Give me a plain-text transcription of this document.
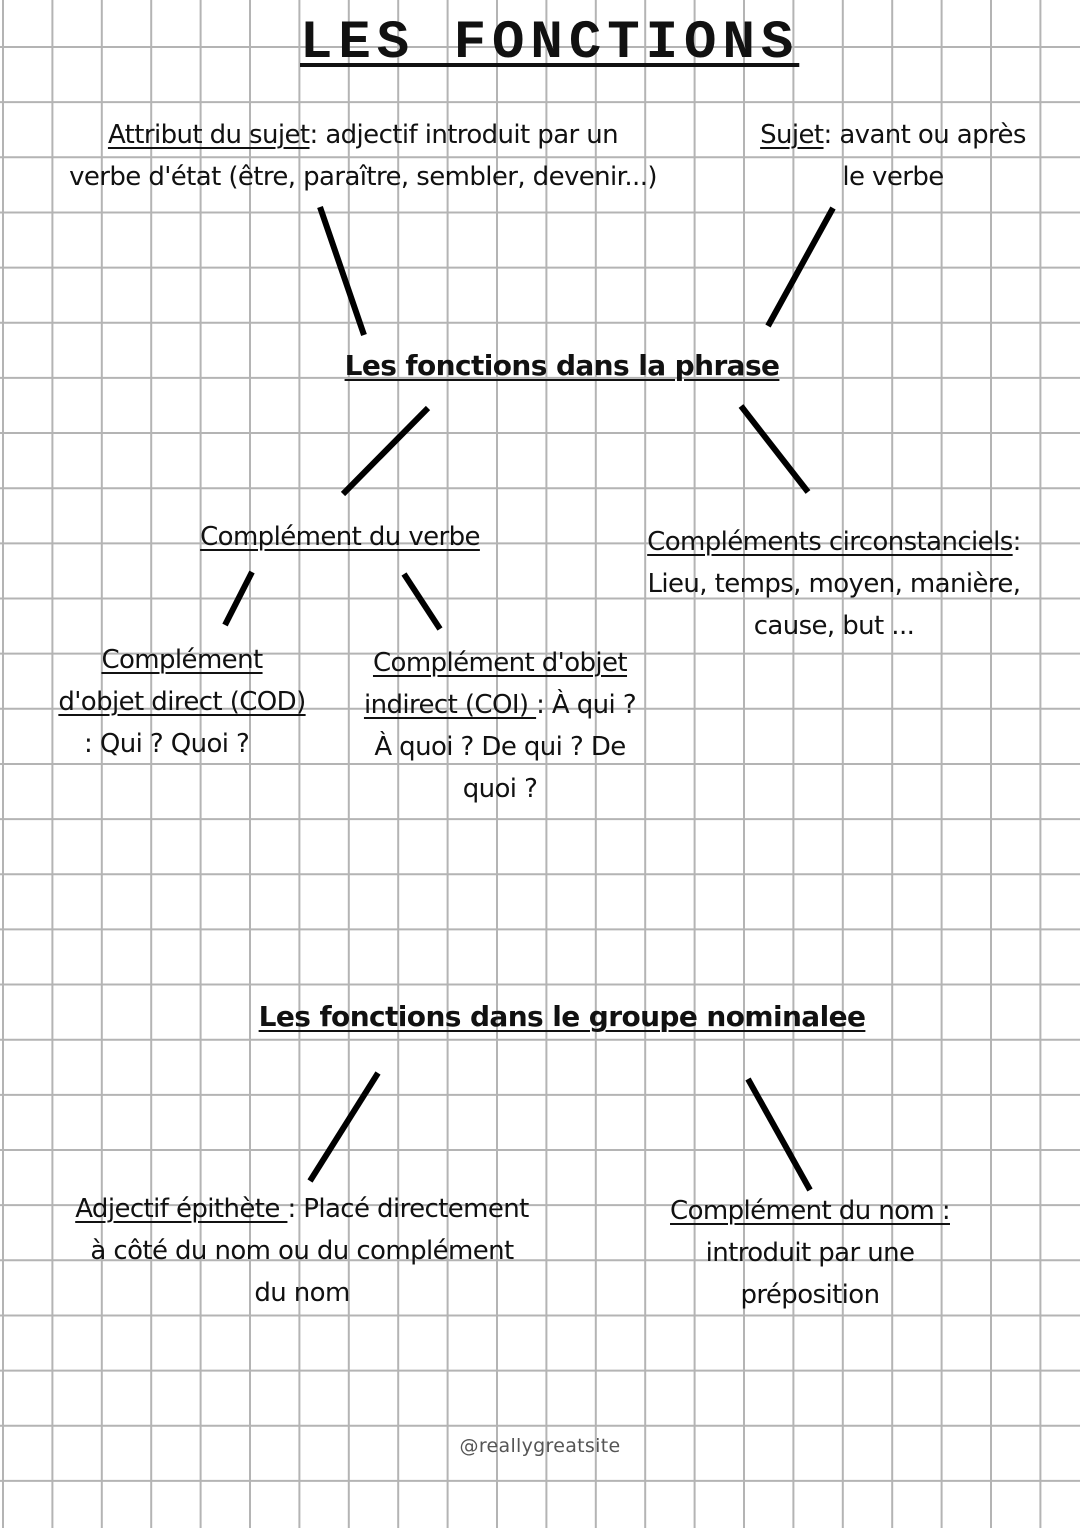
LES FONCTIONS
Attribut du sujet: adjectif introduit par un
verbe d'état (être, paraître, sembler, devenir...)
Sujet: avant ou après
le verbe
Les fonctions dans la phrase
Complément du verbe	Compléments circonstanciels:
Lieu, temps, moyen, manière,
cause, but ...
Complément
d'objet direct (COD)
: Qui ? Quoi ?
Complément d'objet
indirect (COI) : À qui ?
À quoi ? De qui ? De
quoi ?
Les fonctions dans le groupe nominalee
Adjectif épithète : Placé directement
à côté du nom ou du complément
du nom
Complément du nom :
introduit par une
préposition
@reallygreatsite
